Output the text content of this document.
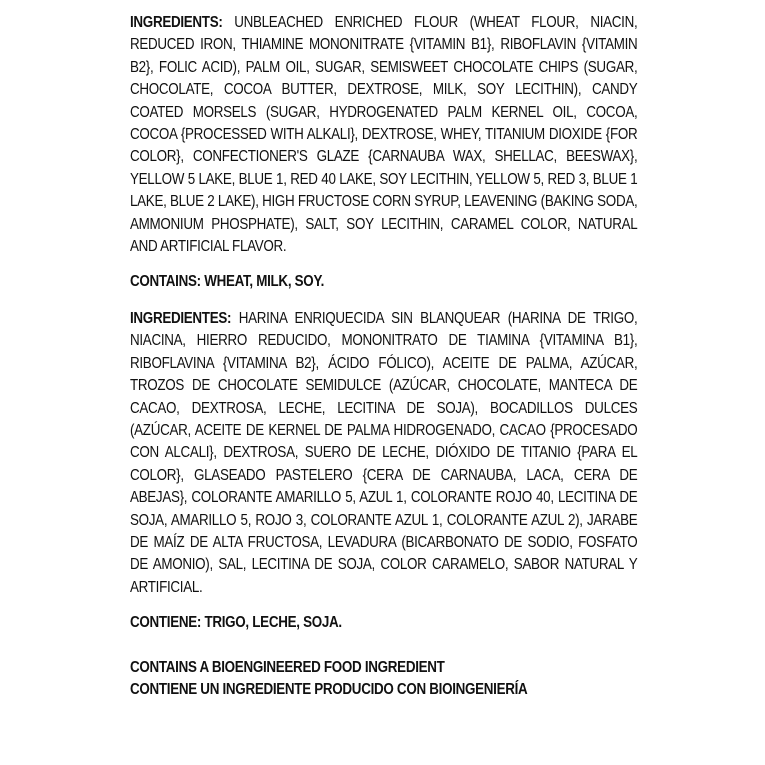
INGREDIENTS: UNBLEACHED ENRICHED FLOUR (WHEAT FLOUR, NIACIN, REDUCED IRON, THIAMINE MONONITRATE {VITAMIN B1}, RIBOFLAVIN {VITAMIN B2}, FOLIC ACID), PALM OIL, SUGAR, SEMISWEET CHOCOLATE CHIPS (SUGAR, CHOCOLATE, COCOA BUTTER, DEXTROSE, MILK, SOY LECITHIN), CANDY COATED MORSELS (SUGAR, HYDROGENATED PALM KERNEL OIL, COCOA, COCOA {PROCESSED WITH ALKALI}, DEXTROSE, WHEY, TITANIUM DIOXIDE {FOR COLOR}, CONFECTIONER'S GLAZE {CARNAUBA WAX, SHELLAC, BEESWAX}, YELLOW 5 LAKE, BLUE 1, RED 40 LAKE, SOY LECITHIN, YELLOW 5, RED 3, BLUE 1 LAKE, BLUE 2 LAKE), HIGH FRUCTOSE CORN SYRUP, LEAVENING (BAKING SODA, AMMONIUM PHOSPHATE), SALT, SOY LECITHIN, CARAMEL COLOR, NATURAL AND ARTIFICIAL FLAVOR.

CONTAINS: WHEAT, MILK, SOY.

INGREDIENTES: HARINA ENRIQUECIDA SIN BLANQUEAR (HARINA DE TRIGO, NIACINA, HIERRO REDUCIDO, MONONITRATO DE TIAMINA {VITAMINA B1}, RIBOFLAVINA {VITAMINA B2}, ÁCIDO FÓLICO), ACEITE DE PALMA, AZÚCAR, TROZOS DE CHOCOLATE SEMIDULCE (AZÚCAR, CHOCOLATE, MANTECA DE CACAO, DEXTROSA, LECHE, LECITINA DE SOJA), BOCADILLOS DULCES (AZÚCAR, ACEITE DE KERNEL DE PALMA HIDROGENADO, CACAO {PROCESADO CON ALCALI}, DEXTROSA, SUERO DE LECHE, DIÓXIDO DE TITANIO {PARA EL COLOR}, GLASEADO PASTELERO {CERA DE CARNAUBA, LACA, CERA DE ABEJAS}, COLORANTE AMARILLO 5, AZUL 1, COLORANTE ROJO 40, LECITINA DE SOJA, AMARILLO 5, ROJO 3, COLORANTE AZUL 1, COLORANTE AZUL 2), JARABE DE MAÍZ DE ALTA FRUCTOSA, LEVADURA (BICARBONATO DE SODIO, FOSFATO DE AMONIO), SAL, LECITINA DE SOJA, COLOR CARAMELO, SABOR NATURAL Y ARTIFICIAL.

CONTIENE: TRIGO, LECHE, SOJA.

CONTAINS A BIOENGINEERED FOOD INGREDIENT

CONTIENE UN INGREDIENTE PRODUCIDO CON BIOINGENIERÍA
